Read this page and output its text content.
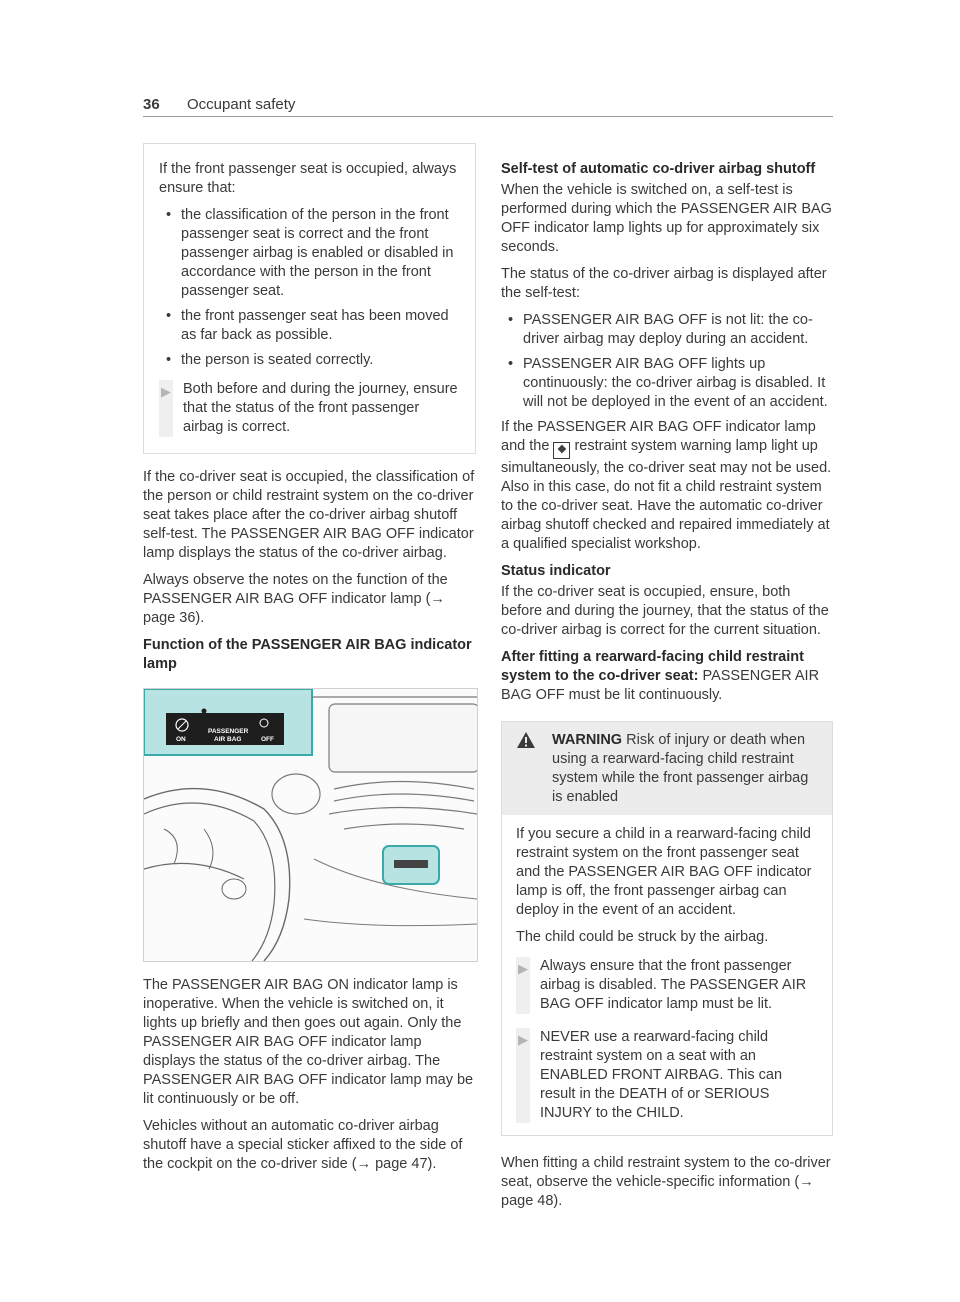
36 Occupant safety

If the front passenger seat is occupied, always ensure that:

• the classification of the person in the front passenger seat is correct and the front passenger airbag is enabled or disabled in accordance with the person in the front passenger seat.
• the front passenger seat has been moved as far back as possible.
• the person is seated correctly.
▶ Both before and during the journey, ensure that the status of the front passenger airbag is correct.

If the co-driver seat is occupied, the classification of the person or child restraint system on the co-driver seat takes place after the co-driver airbag shutoff self-test. The PASSENGER AIR BAG OFF indicator lamp displays the status of the co-driver airbag.

Always observe the notes on the function of the PASSENGER AIR BAG OFF indicator lamp (→ page 36).

Function of the PASSENGER AIR BAG indicator lamp
ON
PASSENGER
AIR BAG	OFF

The PASSENGER AIR BAG ON indicator lamp is inoperative. When the vehicle is switched on, it lights up briefly and then goes out again. Only the PASSENGER AIR BAG OFF indicator lamp displays the status of the co-driver airbag. The PASSENGER AIR BAG OFF indicator lamp may be lit continuously or be off.

Vehicles without an automatic co-driver airbag shutoff have a special sticker affixed to the side of the cockpit on the co-driver side (→ page 47).

Self-test of automatic co-driver airbag shutoff

When the vehicle is switched on, a self-test is performed during which the PASSENGER AIR BAG OFF indicator lamp lights up for approximately six seconds.

The status of the co-driver airbag is displayed after the self-test:

• PASSENGER AIR BAG OFF is not lit: the co-driver airbag may deploy during an accident.
• PASSENGER AIR BAG OFF lights up continuously: the co-driver airbag is disabled. It will not be deployed in the event of an accident.

If the PASSENGER AIR BAG OFF indicator lamp and the ❖ restraint system warning lamp light up simultaneously, the co-driver seat may not be used. Also in this case, do not fit a child restraint system to the co-driver seat. Have the automatic co-driver airbag shutoff checked and repaired immediately at a qualified specialist workshop.

Status indicator

If the co-driver seat is occupied, ensure, both before and during the journey, that the status of the co-driver airbag is correct for the current situation.

After fitting a rearward-facing child restraint system to the co-driver seat: PASSENGER AIR BAG OFF must be lit continuously.

WARNING Risk of injury or death when using a rearward-facing child restraint system while the front passenger airbag is enabled

If you secure a child in a rearward-facing child restraint system on the front passenger seat and the PASSENGER AIR BAG OFF indicator lamp is off, the front passenger airbag can deploy in the event of an accident.

The child could be struck by the airbag.

▶ Always ensure that the front passenger airbag is disabled. The PASSENGER AIR BAG OFF indicator lamp must be lit.
▶ NEVER use a rearward-facing child restraint system on a seat with an ENABLED FRONT AIRBAG. This can result in the DEATH of or SERIOUS INJURY to the CHILD.

When fitting a child restraint system to the co-driver seat, observe the vehicle-specific information (→ page 48).
